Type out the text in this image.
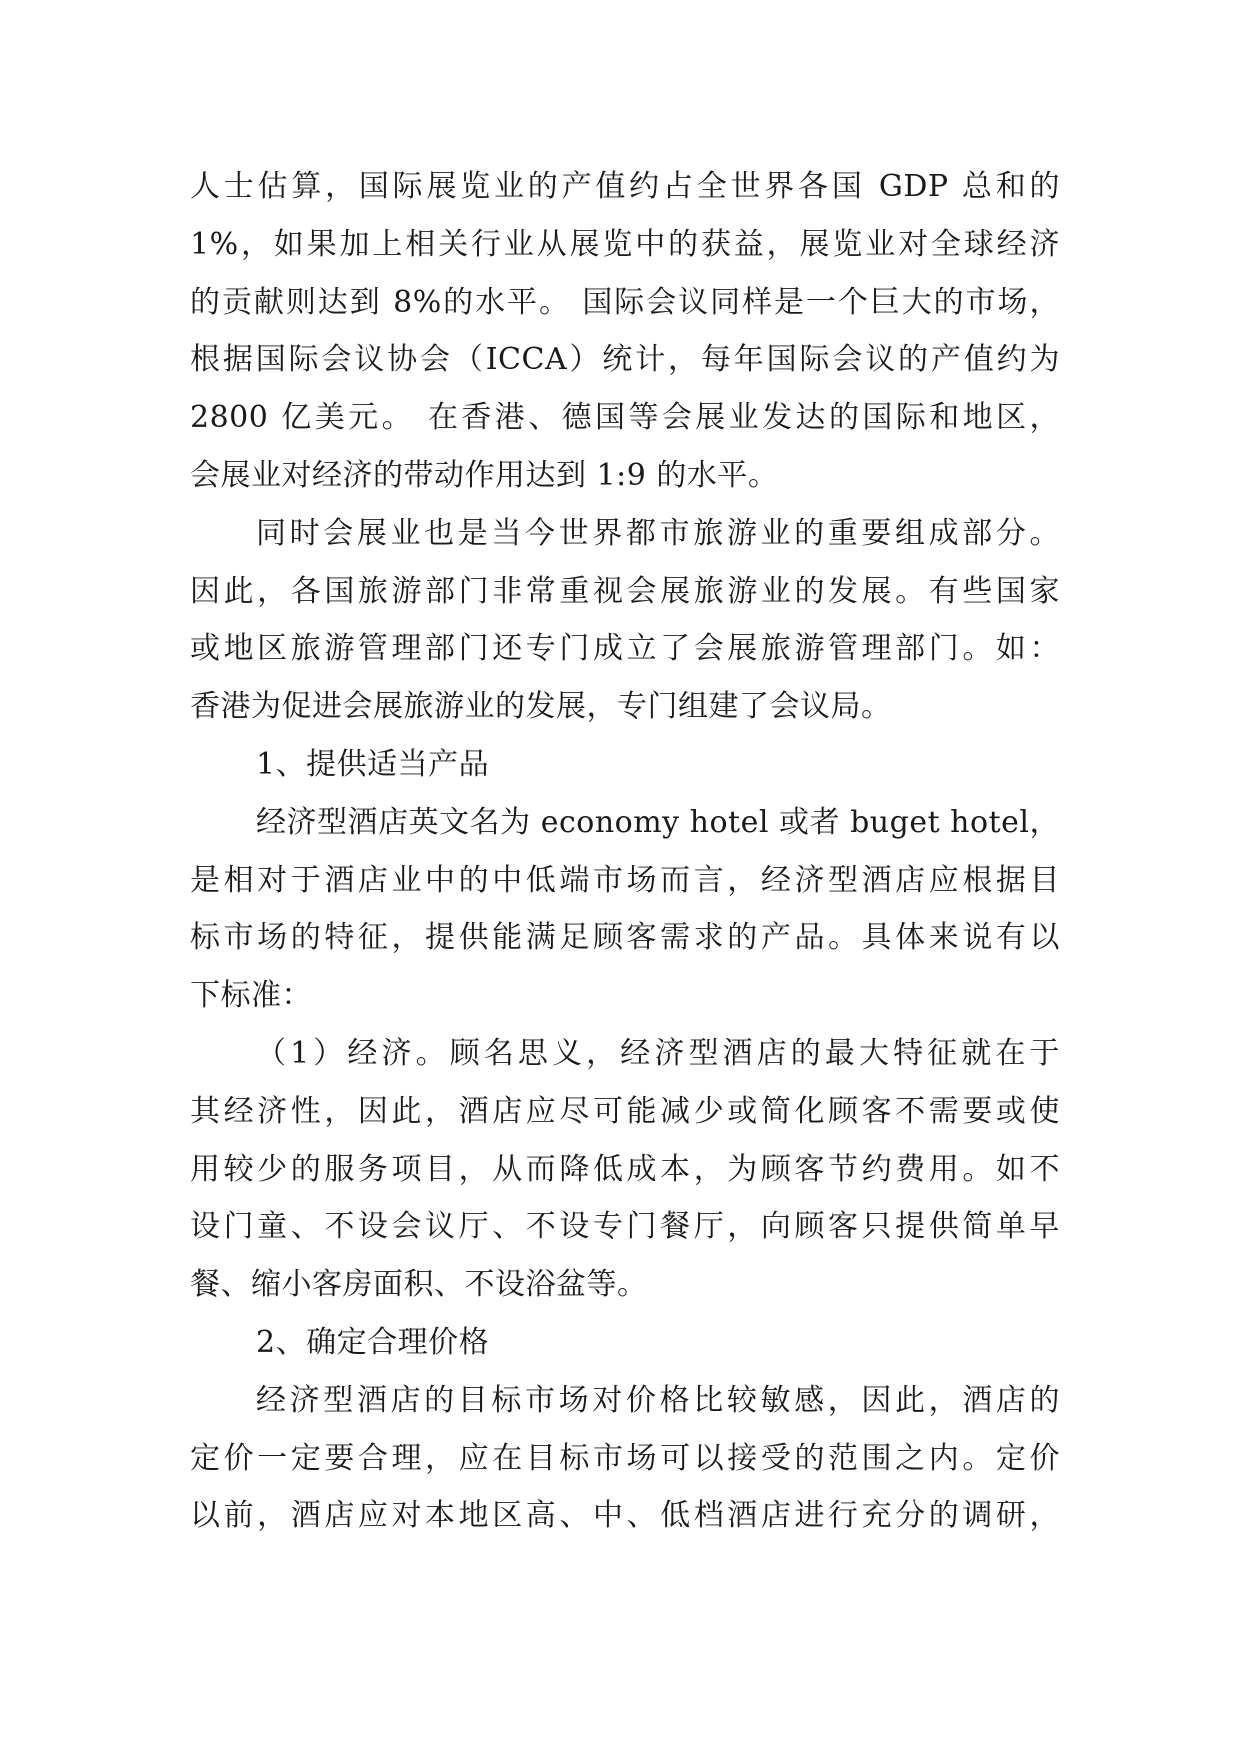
人士估算，国际展览业的产值约占全世界各国 GDP 总和的
1%，如果加上相关行业从展览中的获益，展览业对全球经济
的贡献则达到 8%的水平。 国际会议同样是一个巨大的市场，
根据国际会议协会（ICCA）统计，每年国际会议的产值约为
2800 亿美元。 在香港、德国等会展业发达的国际和地区，
会展业对经济的带动作用达到 1:9 的水平。
同时会展业也是当今世界都市旅游业的重要组成部分。
因此，各国旅游部门非常重视会展旅游业的发展。有些国家
或地区旅游管理部门还专门成立了会展旅游管理部门。如：
香港为促进会展旅游业的发展，专门组建了会议局。
1、提供适当产品
经济型酒店英文名为 economy hotel 或者 buget hotel，
是相对于酒店业中的中低端市场而言，经济型酒店应根据目
标市场的特征，提供能满足顾客需求的产品。具体来说有以
下标准：
（1）经济。顾名思义，经济型酒店的最大特征就在于
其经济性，因此，酒店应尽可能减少或简化顾客不需要或使
用较少的服务项目，从而降低成本，为顾客节约费用。如不
设门童、不设会议厅、不设专门餐厅，向顾客只提供简单早
餐、缩小客房面积、不设浴盆等。
2、确定合理价格
经济型酒店的目标市场对价格比较敏感，因此，酒店的
定价一定要合理，应在目标市场可以接受的范围之内。定价
以前，酒店应对本地区高、中、低档酒店进行充分的调研，
